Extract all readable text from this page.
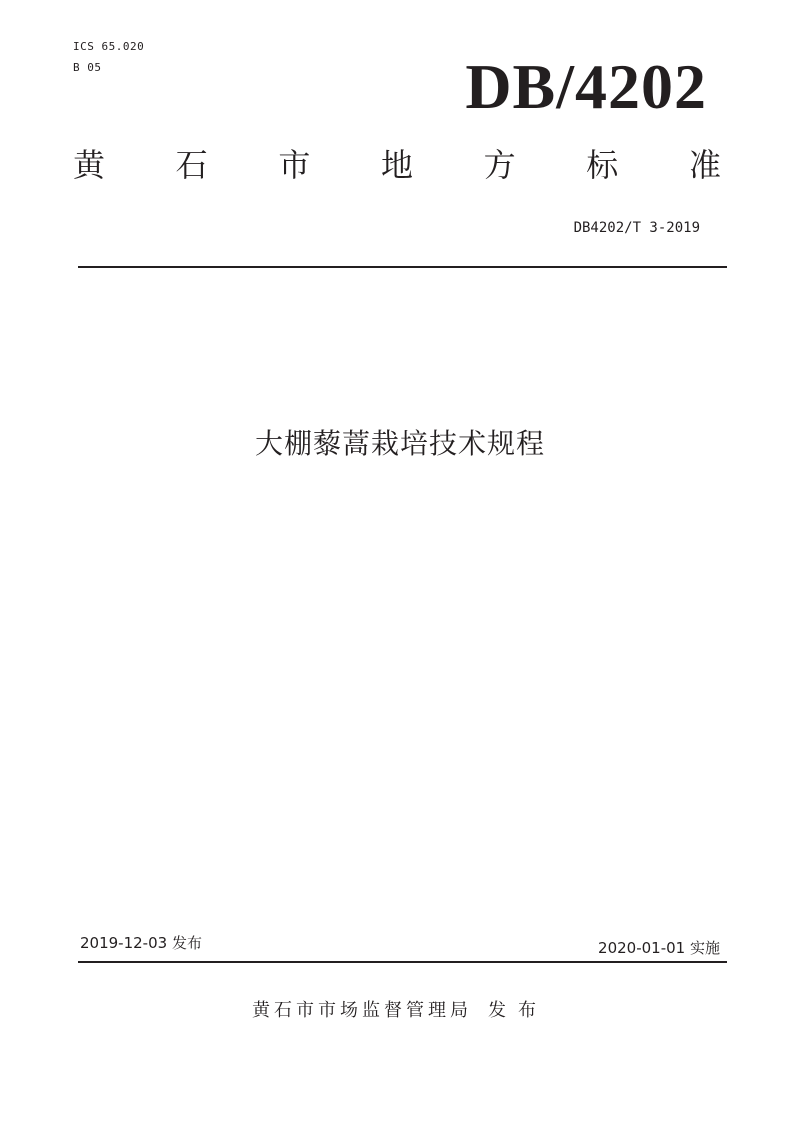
ICS 65.020
B 05	DB/4202
黄 石 市 地 方 标 准
DB4202/T 3-2019
大棚藜蒿栽培技术规程
2019-12-03 发布	2020-01-01 实施
黄石市市场监督管理局 发布
